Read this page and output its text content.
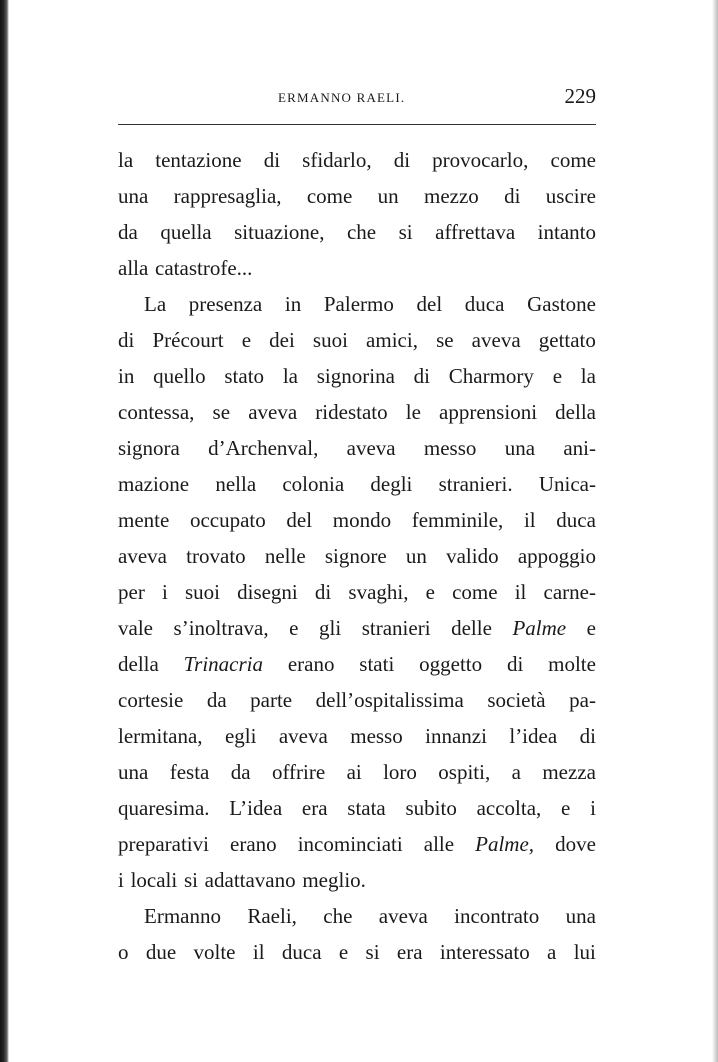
ERMANNO RAELI.	229
la tentazione di sfidarlo, di provocarlo, come
una rappresaglia, come un mezzo di uscire
da quella situazione, che si affrettava intanto
alla catastrofe...
La presenza in Palermo del duca Gastone
di Précourt e dei suoi amici, se aveva gettato
in quello stato la signorina di Charmory e la
contessa, se aveva ridestato le apprensioni della
signora d’Archenval, aveva messo una ani-
mazione nella colonia degli stranieri. Unica-
mente occupato del mondo femminile, il duca
aveva trovato nelle signore un valido appoggio
per i suoi disegni di svaghi, e come il carne-
vale s’inoltrava, e gli stranieri delle Palme e
della Trinacria erano stati oggetto di molte
cortesie da parte dell’ospitalissima società pa-
lermitana, egli aveva messo innanzi l’idea di
una festa da offrire ai loro ospiti, a mezza
quaresima. L’idea era stata subito accolta, e i
preparativi erano incominciati alle Palme, dove
i locali si adattavano meglio.
Ermanno Raeli, che aveva incontrato una
o due volte il duca e si era interessato a lui
